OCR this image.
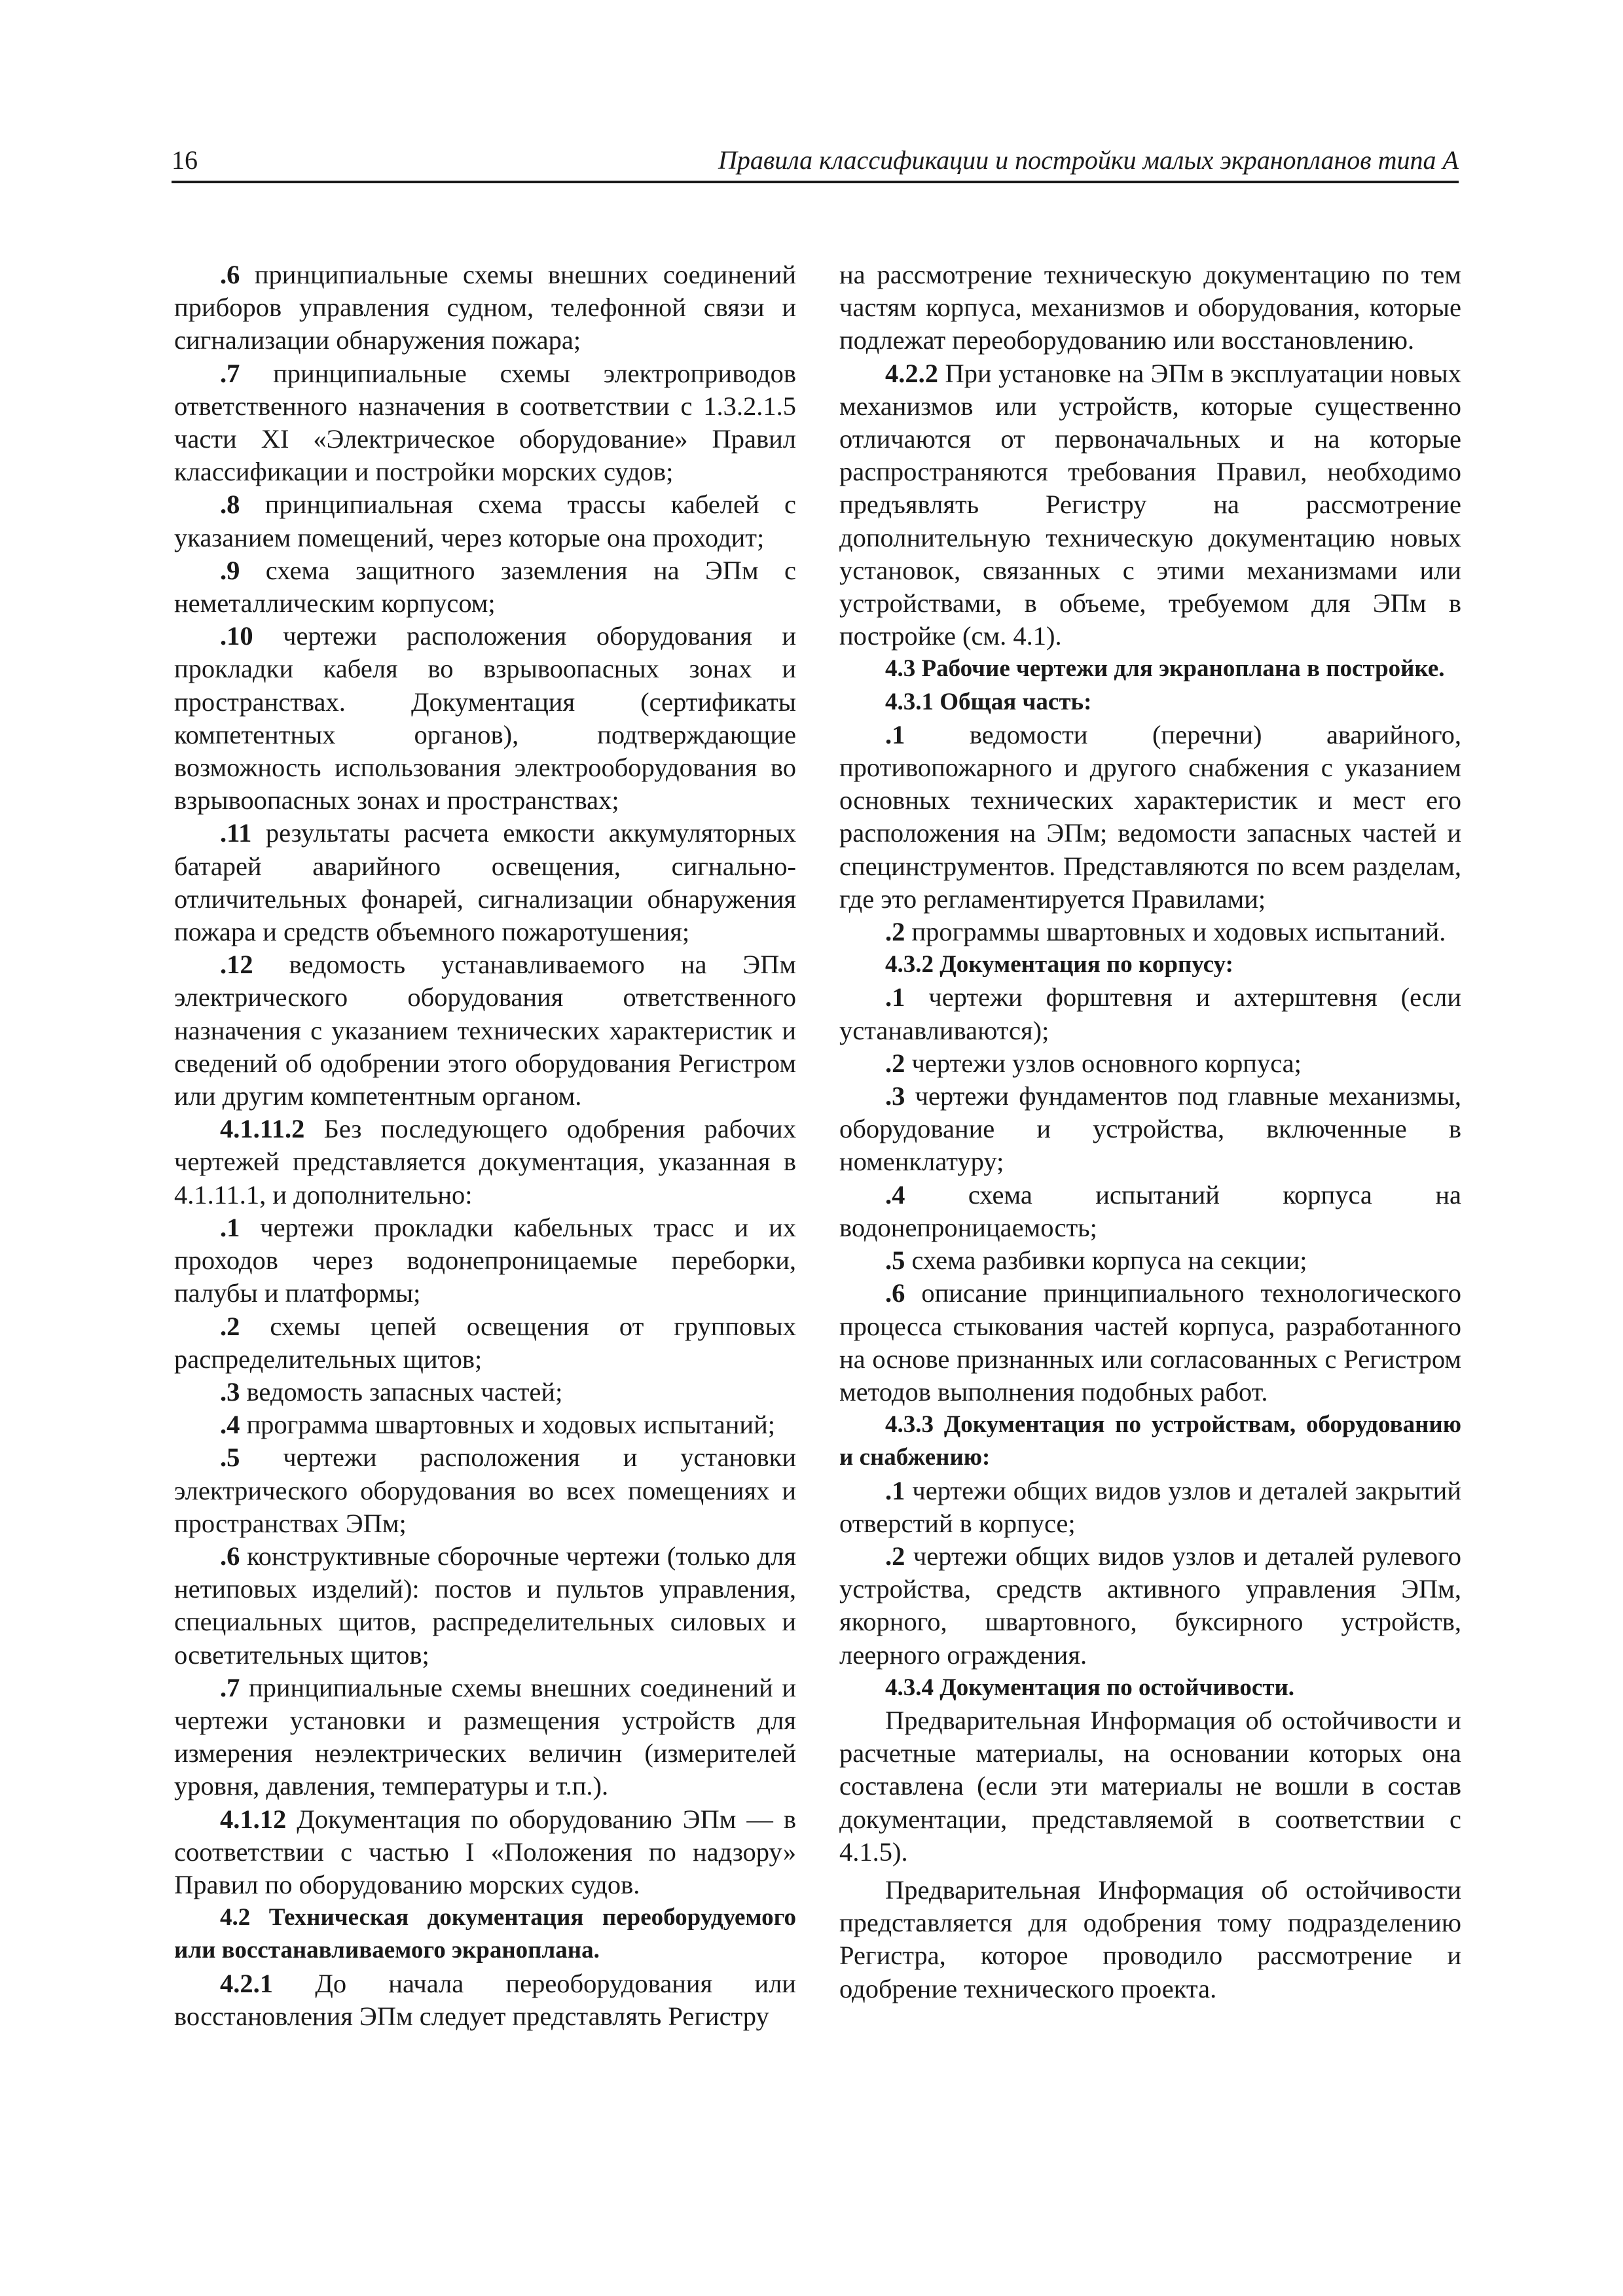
16	Правила классификации и постройки малых экранопланов типа А

.6 принципиальные схемы внешних соединений приборов управления судном, телефонной связи и сигнализации обнаружения пожара;

.7 принципиальные схемы электроприводов ответственного назначения в соответствии с 1.3.2.1.5 части XI «Электрическое оборудование» Правил классификации и постройки морских судов;

.8 принципиальная схема трассы кабелей с указанием помещений, через которые она проходит;

.9 схема защитного заземления на ЭПм с неметаллическим корпусом;

.10 чертежи расположения оборудования и прокладки кабеля во взрывоопасных зонах и пространствах. Документация (сертификаты компетентных органов), подтверждающие возможность использования электрооборудования во взрывоопасных зонах и пространствах;

.11 результаты расчета емкости аккумуляторных батарей аварийного освещения, сигнально-отличительных фонарей, сигнализации обнаружения пожара и средств объемного пожаротушения;

.12 ведомость устанавливаемого на ЭПм электрического оборудования ответственного назначения с указанием технических характеристик и сведений об одобрении этого оборудования Регистром или другим компетентным органом.

4.1.11.2 Без последующего одобрения рабочих чертежей представляется документация, указанная в 4.1.11.1, и дополнительно:

.1 чертежи прокладки кабельных трасс и их проходов через водонепроницаемые переборки, палубы и платформы;

.2 схемы цепей освещения от групповых распределительных щитов;

.3 ведомость запасных частей;

.4 программа швартовных и ходовых испытаний;

.5 чертежи расположения и установки электрического оборудования во всех помещениях и пространствах ЭПм;

.6 конструктивные сборочные чертежи (только для нетиповых изделий): постов и пультов управления, специальных щитов, распределительных силовых и осветительных щитов;

.7 принципиальные схемы внешних соединений и чертежи установки и размещения устройств для измерения неэлектрических величин (измерителей уровня, давления, температуры и т.п.).

4.1.12 Документация по оборудованию ЭПм — в соответствии с частью I «Положения по надзору» Правил по оборудованию морских судов.

4.2 Техническая документация переоборудуемого или восстанавливаемого экраноплана.

4.2.1 До начала переоборудования или восстановления ЭПм следует представлять Регистру

на рассмотрение техническую документацию по тем частям корпуса, механизмов и оборудования, которые подлежат переоборудованию или восстановлению.

4.2.2 При установке на ЭПм в эксплуатации новых механизмов или устройств, которые существенно отличаются от первоначальных и на которые распространяются требования Правил, необходимо предъявлять Регистру на рассмотрение дополнительную техническую документацию новых установок, связанных с этими механизмами или устройствами, в объеме, требуемом для ЭПм в постройке (см. 4.1).

4.3 Рабочие чертежи для экраноплана в постройке.

4.3.1 Общая часть:

.1 ведомости (перечни) аварийного, противопожарного и другого снабжения с указанием основных технических характеристик и мест его расположения на ЭПм; ведомости запасных частей и специнструментов. Представляются по всем разделам, где это регламентируется Правилами;

.2 программы швартовных и ходовых испытаний.

4.3.2 Документация по корпусу:

.1 чертежи форштевня и ахтерштевня (если устанавливаются);

.2 чертежи узлов основного корпуса;

.3 чертежи фундаментов под главные механизмы, оборудование и устройства, включенные в номенклатуру;

.4 схема испытаний корпуса на водонепроницаемость;

.5 схема разбивки корпуса на секции;

.6 описание принципиального технологического процесса стыкования частей корпуса, разработанного на основе признанных или согласованных с Регистром методов выполнения подобных работ.

4.3.3 Документация по устройствам, оборудованию и снабжению:

.1 чертежи общих видов узлов и деталей закрытий отверстий в корпусе;

.2 чертежи общих видов узлов и деталей рулевого устройства, средств активного управления ЭПм, якорного, швартовного, буксирного устройств, леерного ограждения.

4.3.4 Документация по остойчивости.

Предварительная Информация об остойчивости и расчетные материалы, на основании которых она составлена (если эти материалы не вошли в состав документации, представляемой в соответствии с 4.1.5).

Предварительная Информация об остойчивости представляется для одобрения тому подразделению Регистра, которое проводило рассмотрение и одобрение технического проекта.
